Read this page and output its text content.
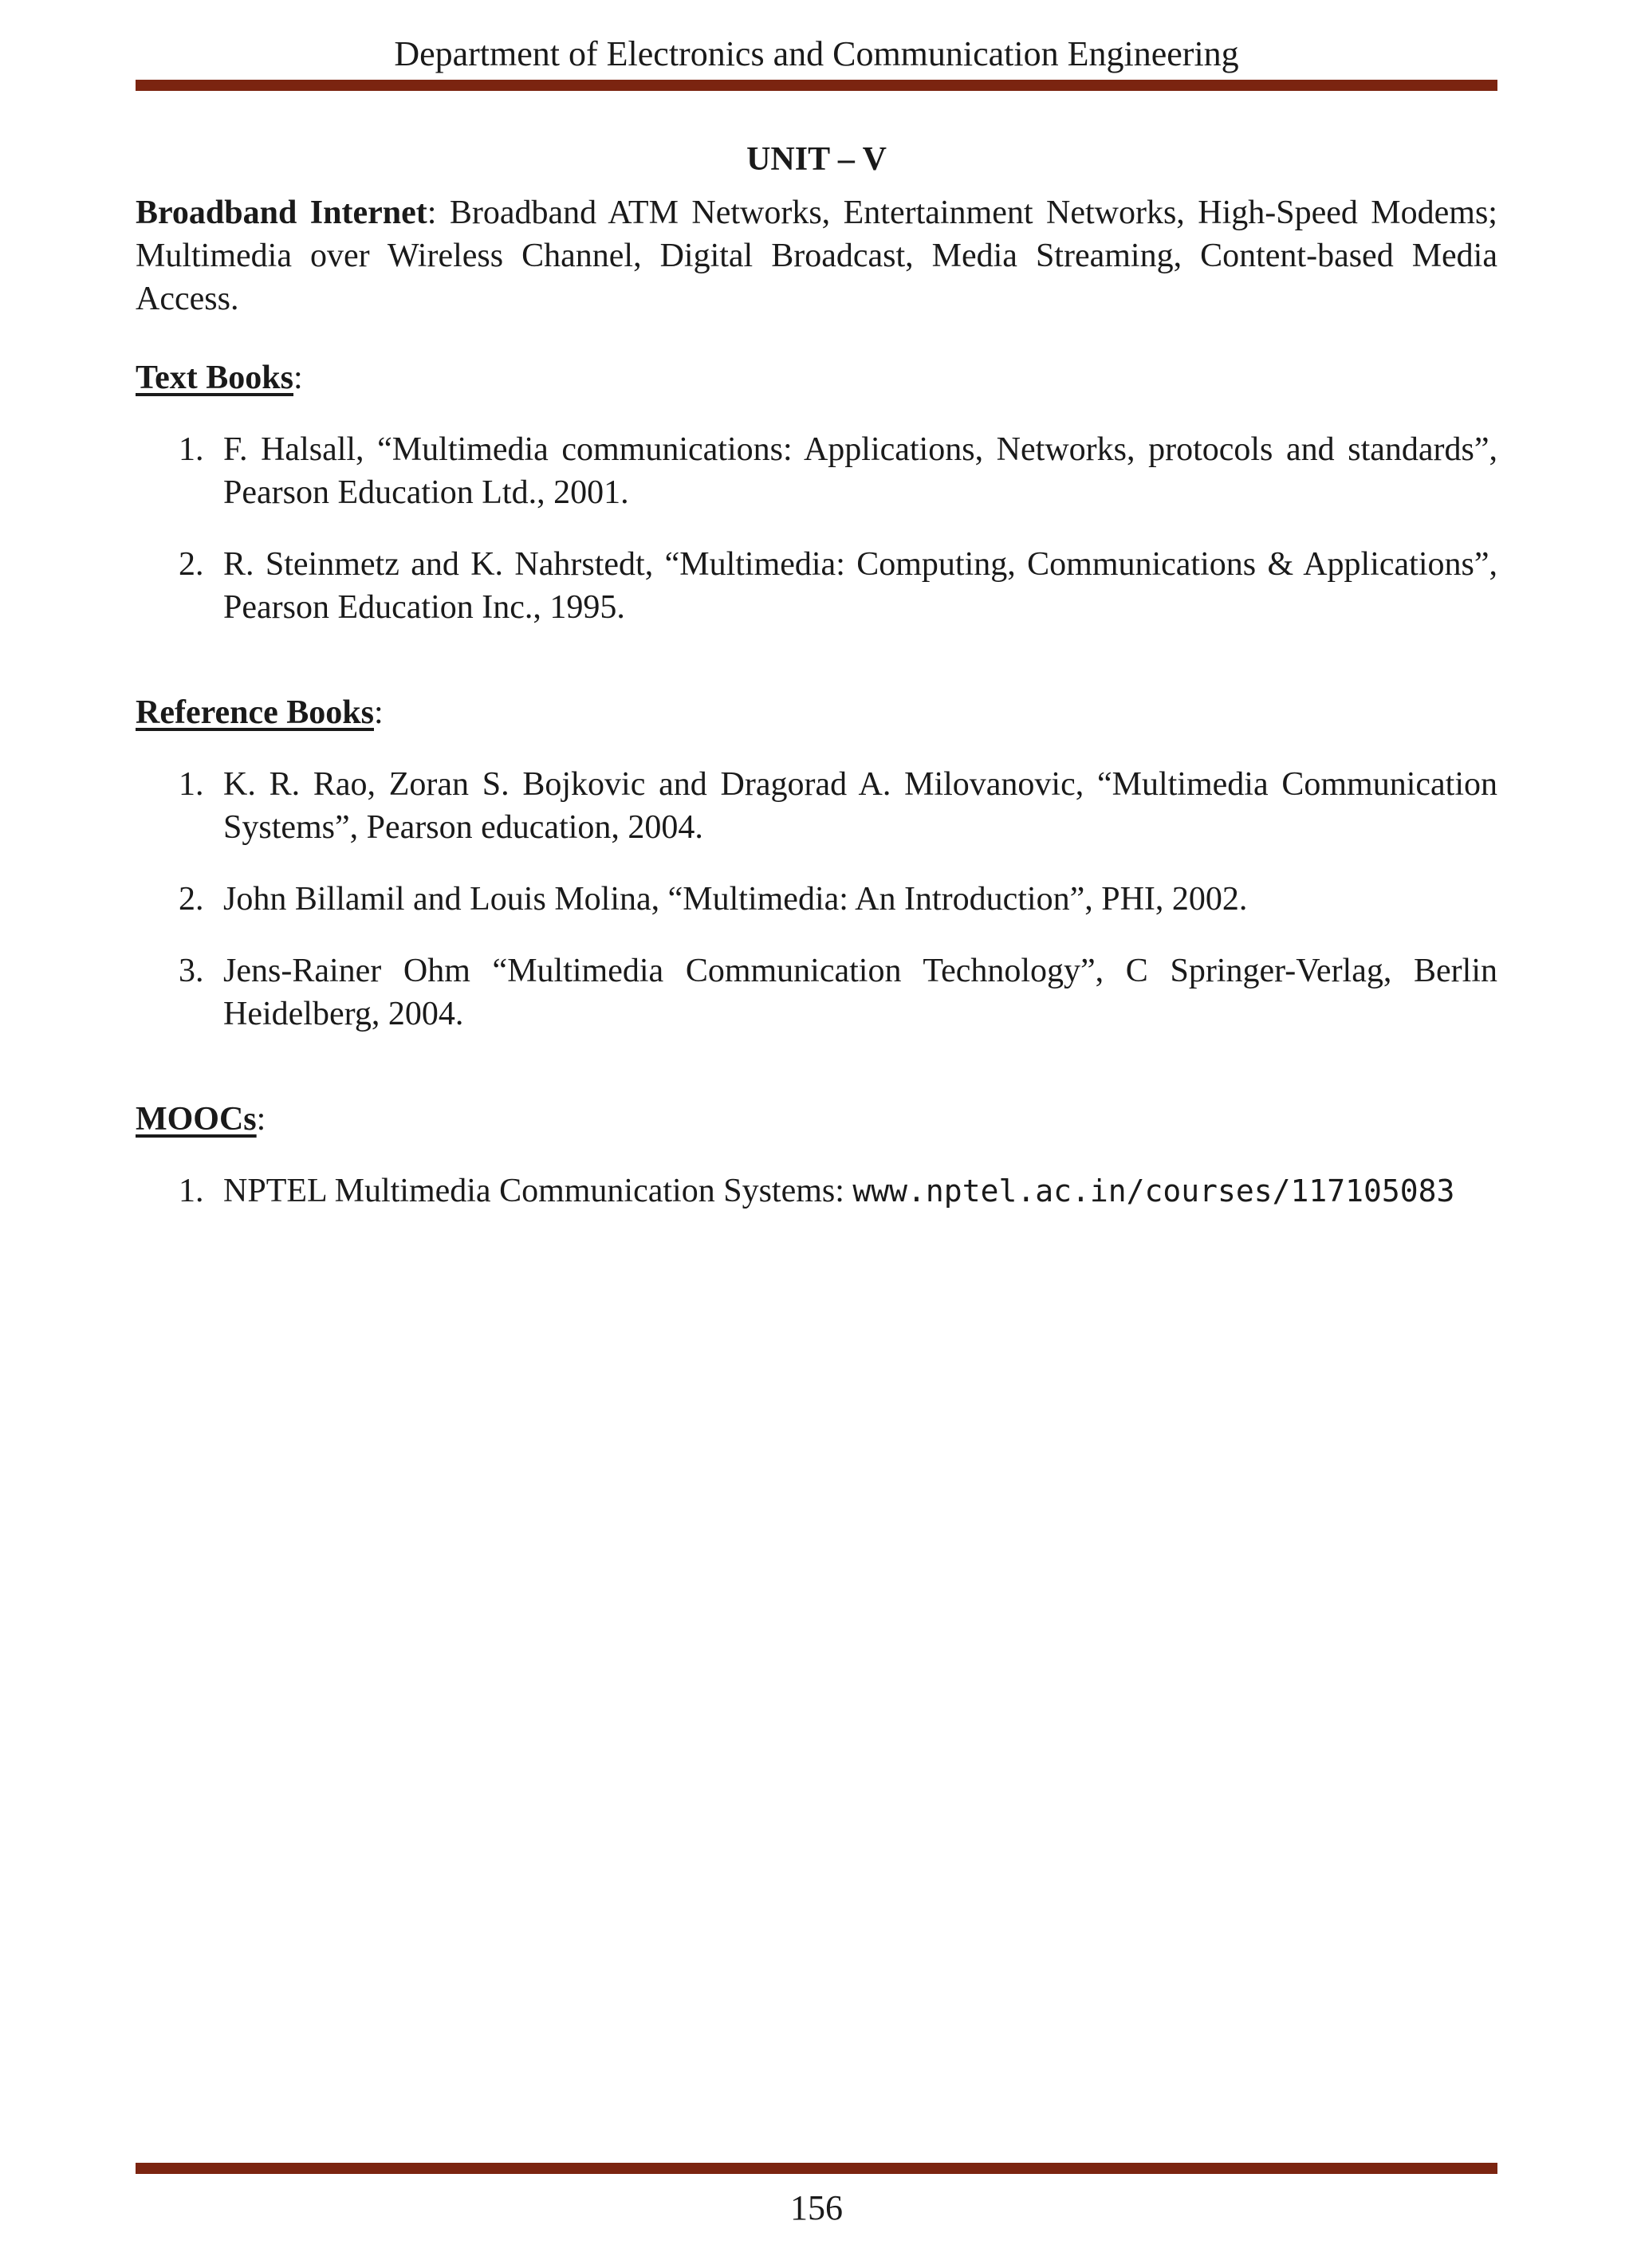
Department of Electronics and Communication Engineering
UNIT – V

Broadband Internet: Broadband ATM Networks, Entertainment Networks, High-Speed Modems; Multimedia over Wireless Channel, Digital Broadcast, Media Streaming, Content-based Media Access.

Text Books:

1. F. Halsall, “Multimedia communications: Applications, Networks, protocols and standards”, Pearson Education Ltd., 2001.
2. R. Steinmetz and K. Nahrstedt, “Multimedia: Computing, Communications & Applications”, Pearson Education Inc., 1995.

Reference Books:

1. K. R. Rao, Zoran S. Bojkovic and Dragorad A. Milovanovic, “Multimedia Communication Systems”, Pearson education, 2004.
2. John Billamil and Louis Molina, “Multimedia: An Introduction”, PHI, 2002.
3. Jens-Rainer Ohm “Multimedia Communication Technology”, C Springer-Verlag, Berlin Heidelberg, 2004.

MOOCs:

1. NPTEL Multimedia Communication Systems: www.nptel.ac.in/courses/117105083
156
